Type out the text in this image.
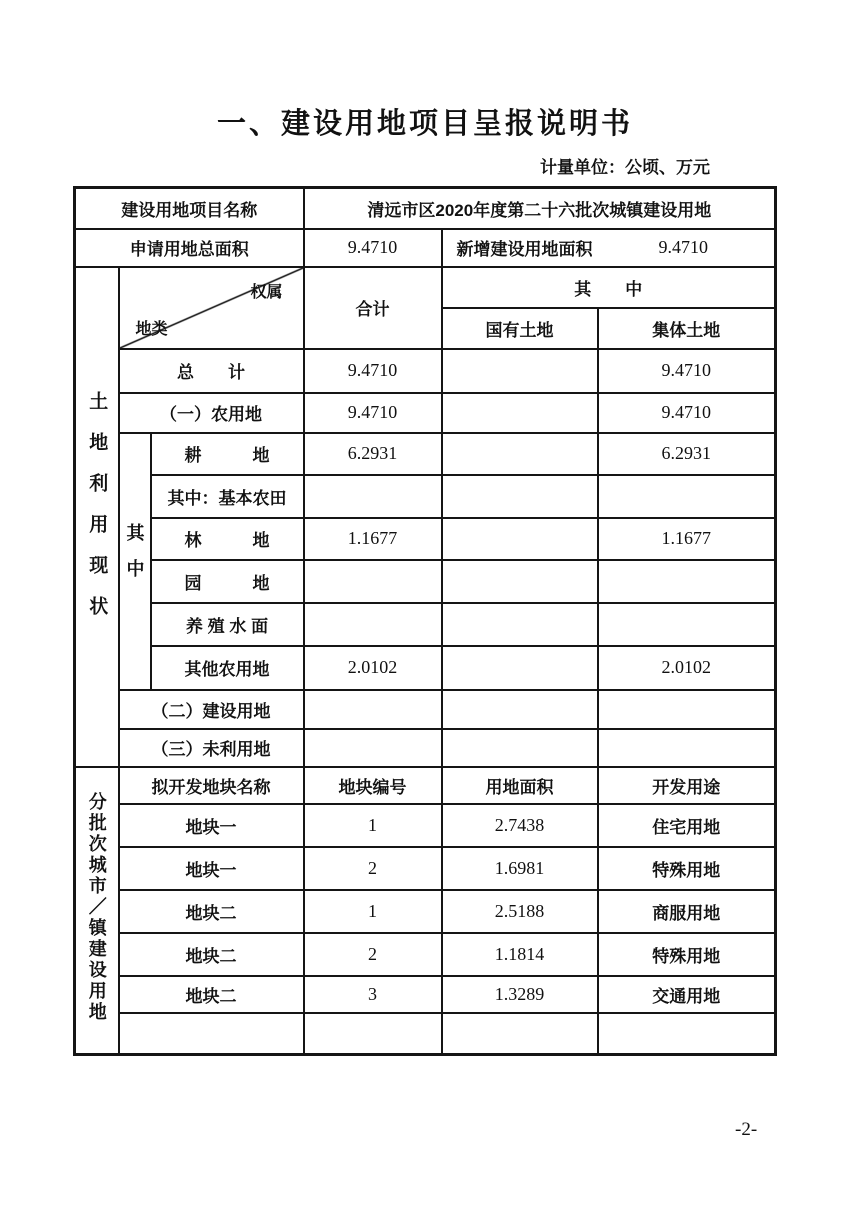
一、建设用地项目呈报说明书
计量单位：公顷、万元
建设用地项目名称			清远市区2020年度第二十六批次城镇建设用地		
申请用地总面积			9.4710	新增建设用地面积 9.4710	

土地利用现状	权属
地类		合计	其　　中	
				国有土地	集体土地
	总　　计		9.4710		9.4710
	（一）农用地		9.4710		9.4710
	其中	耕　　　地	6.2931		6.2931
		其中：基本农田			
		林　　　地	1.1677		1.1677
		园　　　地			
		养 殖 水 面			
		其他农用地	2.0102		2.0102
	（二）建设用地				
	（三）未利用地				
分批次城市／镇建设用地	拟开发地块名称		地块编号	用地面积	开发用途
	地块一		1	2.7438	住宅用地
	地块一		2	1.6981	特殊用地
	地块二		1	2.5188	商服用地
	地块二		2	1.1814	特殊用地
	地块二		3	1.3289	交通用地

-2-
